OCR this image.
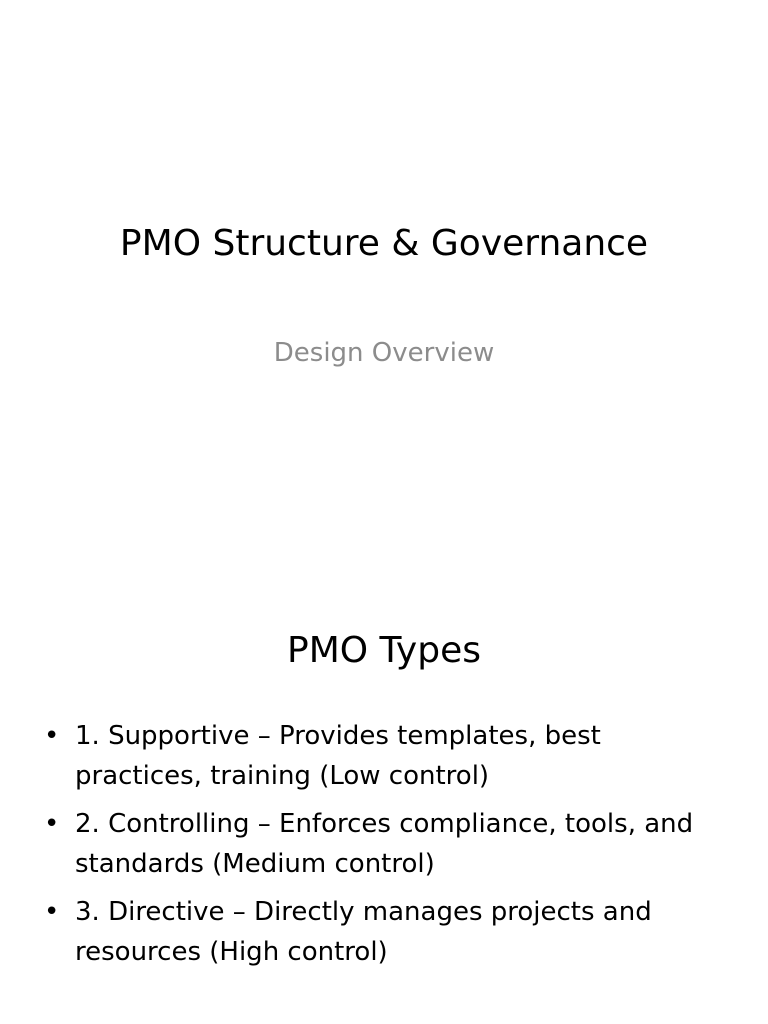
PMO Structure & Governance
Design Overview
PMO Types
• 1. Supportive – Provides templates, best practices, training (Low control)
• 2. Controlling – Enforces compliance, tools, and standards (Medium control)
• 3. Directive – Directly manages projects and resources (High control)
